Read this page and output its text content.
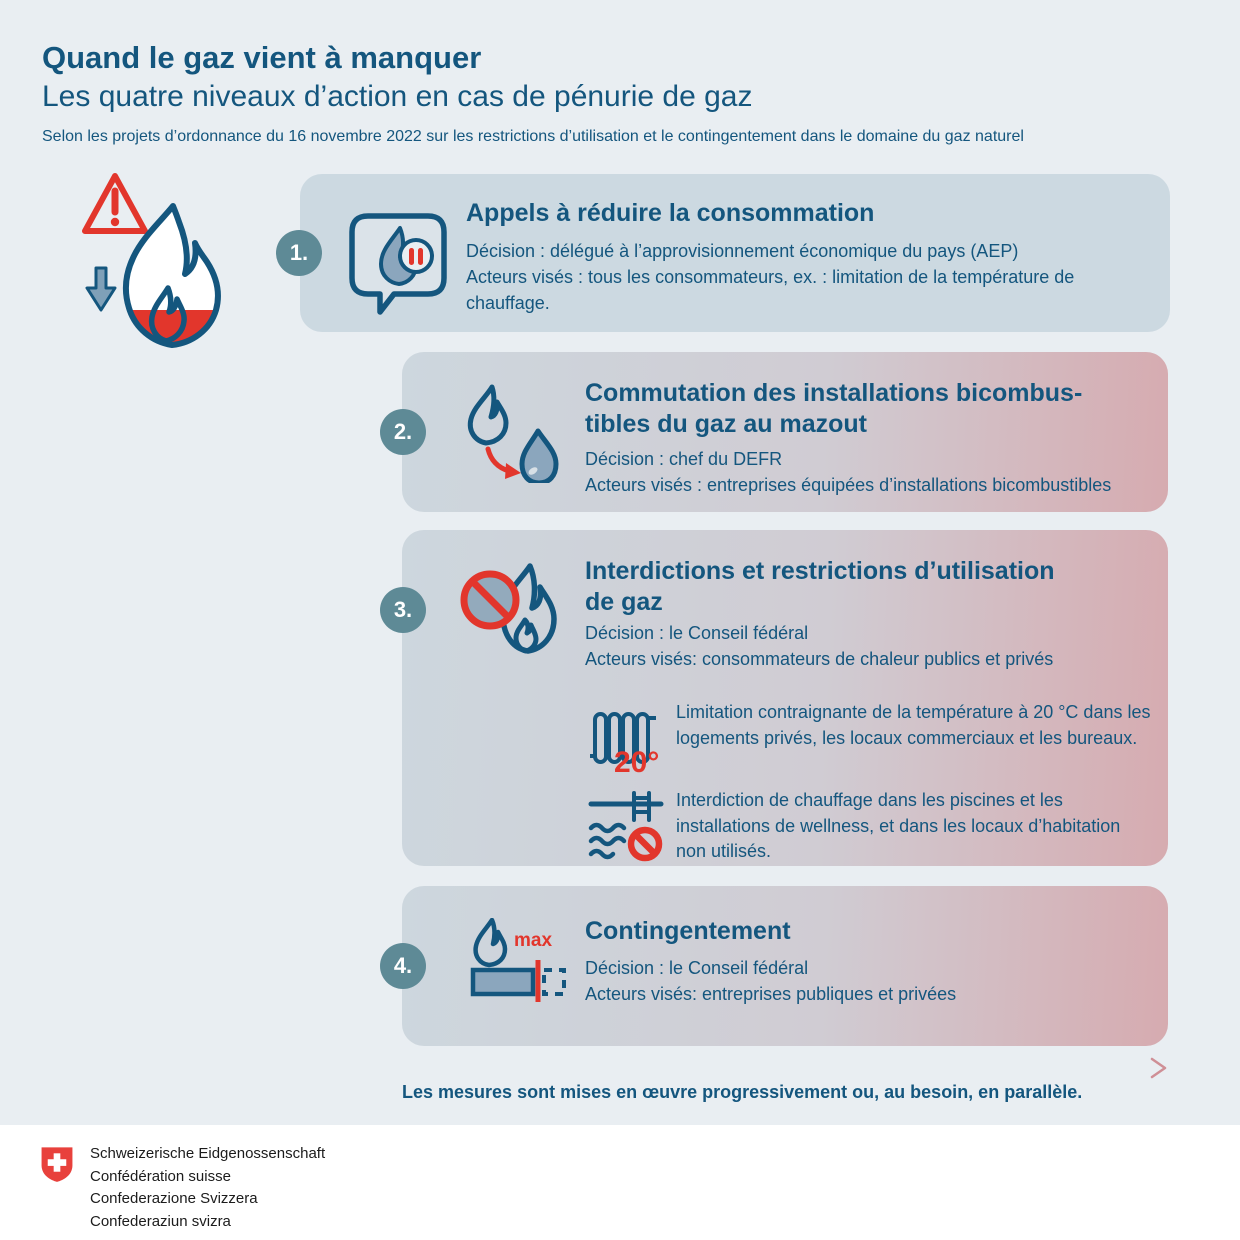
Quand le gaz vient à manquer
Les quatre niveaux d’action en cas de pénurie de gaz
Selon les projets d’ordonnance du 16 novembre 2022 sur les restrictions d’utilisation et le contingentement dans le domaine du gaz naturel
1.
Appels à réduire la consommation
Décision : délégué à l’approvisionnement économique du pays (AEP)
Acteurs visés : tous les consommateurs, ex. : limitation de la température de chauffage.
2.
Commutation des installations bicombus-
tibles du gaz au mazout
Décision : chef du DEFR
Acteurs visés : entreprises équipées d’installations bicombustibles
3.
Interdictions et restrictions d’utilisation
de gaz
Décision : le Conseil fédéral
Acteurs visés: consommateurs de chaleur publics et privés
20°
Limitation contraignante de la température à 20 °C dans les logements privés, les locaux commerciaux et les bureaux.
Interdiction de chauffage dans les piscines et les installations de wellness, et dans les locaux d’habitation non utilisés.
4.
max Contingentement
Décision : le Conseil fédéral
Acteurs visés: entreprises publiques et privées
Les mesures sont mises en œuvre progressivement ou, au besoin, en parallèle.
Schweizerische Eidgenossenschaft
Confédération suisse
Confederazione Svizzera
Confederaziun svizra
